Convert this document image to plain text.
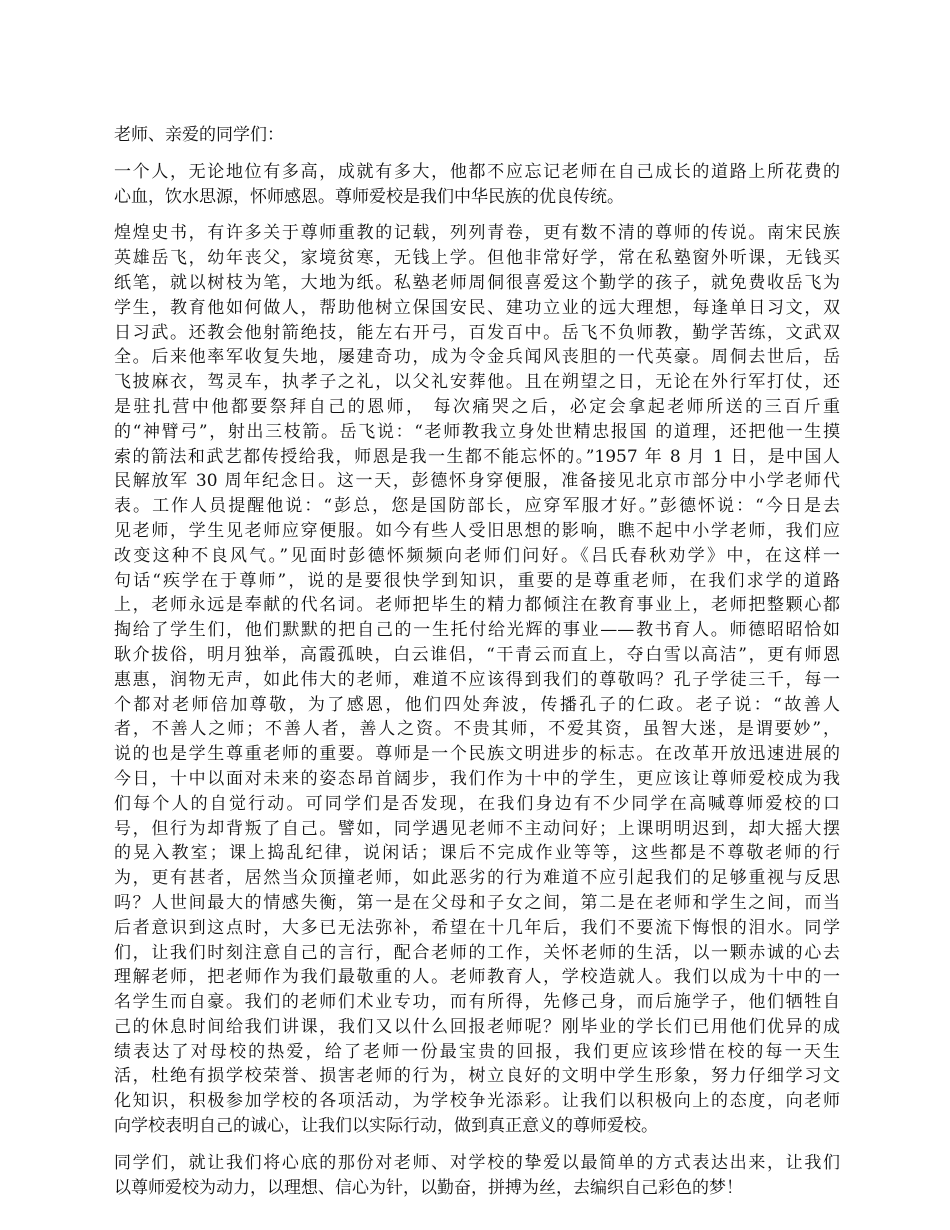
老师、亲爱的同学们：

一个人，无论地位有多高，成就有多大，他都不应忘记老师在自己成长的道路上所花费的
心血，饮水思源，怀师感恩。尊师爱校是我们中华民族的优良传统。

煌煌史书，有许多关于尊师重教的记载，列列青卷，更有数不清的尊师的传说。南宋民族
英雄岳飞，幼年丧父，家境贫寒，无钱上学。但他非常好学，常在私塾窗外听课，无钱买
纸笔，就以树枝为笔，大地为纸。私塾老师周侗很喜爱这个勤学的孩子，就免费收岳飞为
学生，教育他如何做人，帮助他树立保国安民、建功立业的远大理想，每逢单日习文，双
日习武。还教会他射箭绝技，能左右开弓，百发百中。岳飞不负师教，勤学苦练，文武双
全。后来他率军收复失地，屡建奇功，成为令金兵闻风丧胆的一代英豪。周侗去世后，岳
飞披麻衣，驾灵车，执孝子之礼，以父礼安葬他。且在朔望之日，无论在外行军打仗，还
是驻扎营中他都要祭拜自己的恩师， 每次痛哭之后，必定会拿起老师所送的三百斤重
的“神臂弓”，射出三枝箭。岳飞说：“老师教我立身处世精忠报国 的道理，还把他一生摸
索的箭法和武艺都传授给我，师恩是我一生都不能忘怀的。”1957 年 8 月 1 日，是中国人
民解放军 30 周年纪念日。这一天，彭德怀身穿便服，准备接见北京市部分中小学老师代
表。工作人员提醒他说：“彭总，您是国防部长，应穿军服才好。”彭德怀说：“今日是去
见老师，学生见老师应穿便服。如今有些人受旧思想的影响，瞧不起中小学老师，我们应
改变这种不良风气。”见面时彭德怀频频向老师们问好。《吕氏春秋劝学》中，在这样一
句话“疾学在于尊师”，说的是要很快学到知识，重要的是尊重老师，在我们求学的道路
上，老师永远是奉献的代名词。老师把毕生的精力都倾注在教育事业上，老师把整颗心都
掏给了学生们，他们默默的把自己的一生托付给光辉的事业——教书育人。师德昭昭恰如
耿介拔俗，明月独举，高霞孤映，白云谁侣，“干青云而直上，夺白雪以高洁”，更有师恩
惠惠，润物无声，如此伟大的老师，难道不应该得到我们的尊敬吗？孔子学徒三千，每一
个都对老师倍加尊敬，为了感恩，他们四处奔波，传播孔子的仁政。老子说：“故善人
者，不善人之师；不善人者，善人之资。不贵其师，不爱其资，虽智大迷，是谓要妙”，
说的也是学生尊重老师的重要。尊师是一个民族文明进步的标志。在改革开放迅速进展的
今日，十中以面对未来的姿态昂首阔步，我们作为十中的学生，更应该让尊师爱校成为我
们每个人的自觉行动。可同学们是否发现，在我们身边有不少同学在高喊尊师爱校的口
号，但行为却背叛了自己。譬如，同学遇见老师不主动问好；上课明明迟到，却大摇大摆
的晃入教室；课上捣乱纪律，说闲话；课后不完成作业等等，这些都是不尊敬老师的行
为，更有甚者，居然当众顶撞老师，如此恶劣的行为难道不应引起我们的足够重视与反思
吗？人世间最大的情感失衡，第一是在父母和子女之间，第二是在老师和学生之间，而当
后者意识到这点时，大多已无法弥补，希望在十几年后，我们不要流下悔恨的泪水。同学
们，让我们时刻注意自己的言行，配合老师的工作，关怀老师的生活，以一颗赤诚的心去
理解老师，把老师作为我们最敬重的人。老师教育人，学校造就人。我们以成为十中的一
名学生而自豪。我们的老师们术业专功，而有所得，先修己身，而后施学子，他们牺牲自
己的休息时间给我们讲课，我们又以什么回报老师呢？刚毕业的学长们已用他们优异的成
绩表达了对母校的热爱，给了老师一份最宝贵的回报，我们更应该珍惜在校的每一天生
活，杜绝有损学校荣誉、损害老师的行为，树立良好的文明中学生形象，努力仔细学习文
化知识，积极参加学校的各项活动，为学校争光添彩。让我们以积极向上的态度，向老师
向学校表明自己的诚心，让我们以实际行动，做到真正意义的尊师爱校。

同学们，就让我们将心底的那份对老师、对学校的挚爱以最简单的方式表达出来，让我们
以尊师爱校为动力，以理想、信心为针，以勤奋，拼搏为丝，去编织自己彩色的梦！
